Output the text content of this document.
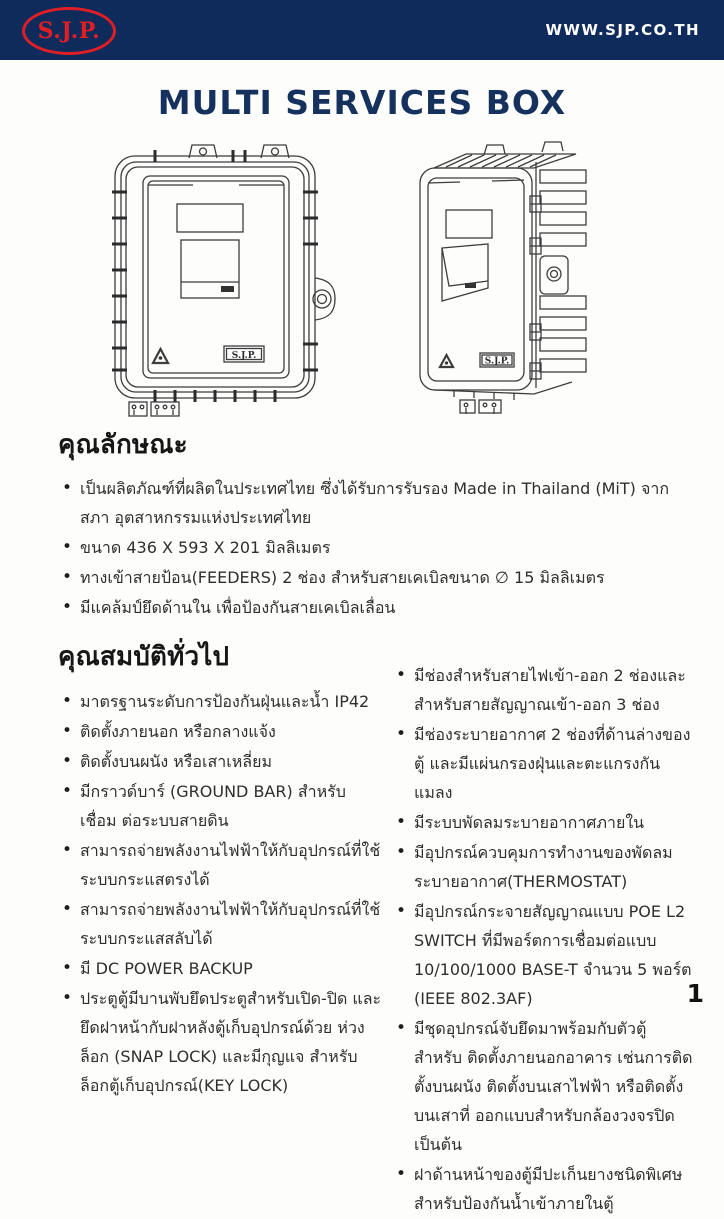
S.J.P.	WWW.SJP.CO.TH
MULTI SERVICES BOX
S.J.P.
S.J.P.
คุณลักษณะ
• เป็นผลิตภัณฑ์ที่ผลิตในประเทศไทย ซึ่งได้รับการรับรอง Made in Thailand (MiT) จากสภา อุตสาหกรรมแห่งประเทศไทย
• ขนาด 436 X 593 X 201 มิลลิเมตร
• ทางเข้าสายป้อน(FEEDERS) 2 ช่อง สำหรับสายเคเบิลขนาด ∅ 15 มิลลิเมตร
• มีแคล้มป์ยึดด้านใน เพื่อป้องกันสายเคเบิลเลื่อน
คุณสมบัติทั่วไป
• มาตรฐานระดับการป้องกันฝุ่นและน้ำ IP42
• ติดตั้งภายนอก หรือกลางแจ้ง
• ติดตั้งบนผนัง หรือเสาเหลี่ยม
• มีกราวด์บาร์ (GROUND BAR) สำหรับเชื่อม ต่อระบบสายดิน
• สามารถจ่ายพลังงานไฟฟ้าให้กับอุปกรณ์ที่ใช้ ระบบกระแสตรงได้
• สามารถจ่ายพลังงานไฟฟ้าให้กับอุปกรณ์ที่ใช้ ระบบกระแสสลับได้
• มี DC POWER BACKUP
• ประตูตู้มีบานพับยึดประตูสำหรับเปิด-ปิด และยึดฝาหน้ากับฝาหลังตู้เก็บอุปกรณ์ด้วย ห่วงล็อก (SNAP LOCK) และมีกุญแจ สำหรับล็อกตู้เก็บอุปกรณ์(KEY LOCK)
• มีช่องสำหรับสายไฟเข้า-ออก 2 ช่องและ สำหรับสายสัญญาณเข้า-ออก 3 ช่อง
• มีช่องระบายอากาศ 2 ช่องที่ด้านล่างของตู้ และมีแผ่นกรองฝุ่นและตะแกรงกันแมลง
• มีระบบพัดลมระบายอากาศภายใน
• มีอุปกรณ์ควบคุมการทำงานของพัดลม ระบายอากาศ(THERMOSTAT)
• มีอุปกรณ์กระจายสัญญาณแบบ POE L2 SWITCH ที่มีพอร์ตการเชื่อมต่อแบบ 10/100/1000 BASE-T จำนวน 5 พอร์ต (IEEE 802.3AF)
• มีชุดอุปกรณ์จับยึดมาพร้อมกับตัวตู้ สำหรับ ติดตั้งภายนอกอาคาร เช่นการติดตั้งบนผนัง ติดตั้งบนเสาไฟฟ้า หรือติดตั้งบนเสาที่ ออกแบบสำหรับกล้องวงจรปิด เป็นต้น
• ฝาด้านหน้าของตู้มีปะเก็นยางชนิดพิเศษ สำหรับป้องกันน้ำเข้าภายในตู้
1
